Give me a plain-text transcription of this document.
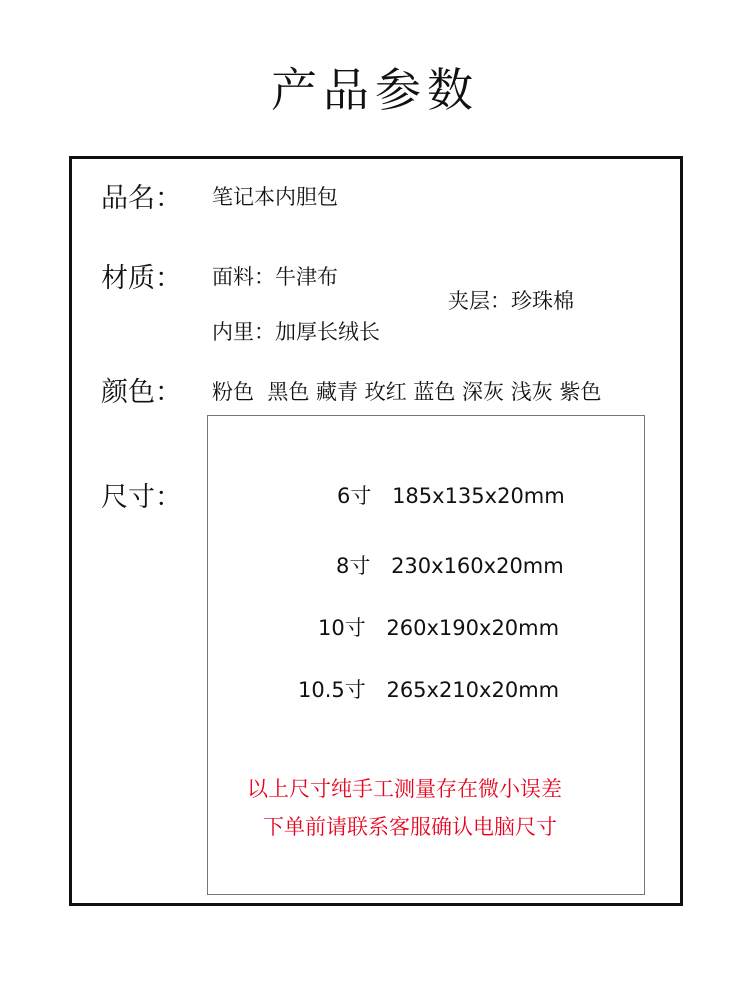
产品参数
品名： 笔记本内胆包
材质： 面料：牛津布
夹层：珍珠棉
内里：加厚长绒长
颜色： 粉色  黑色 藏青 玫红 蓝色 深灰 浅灰 紫色
尺寸：	6寸 185x135x20mm
8寸 230x160x20mm
10寸 260x190x20mm
10.5寸 265x210x20mm
以上尺寸纯手工测量存在微小误差
下单前请联系客服确认电脑尺寸
